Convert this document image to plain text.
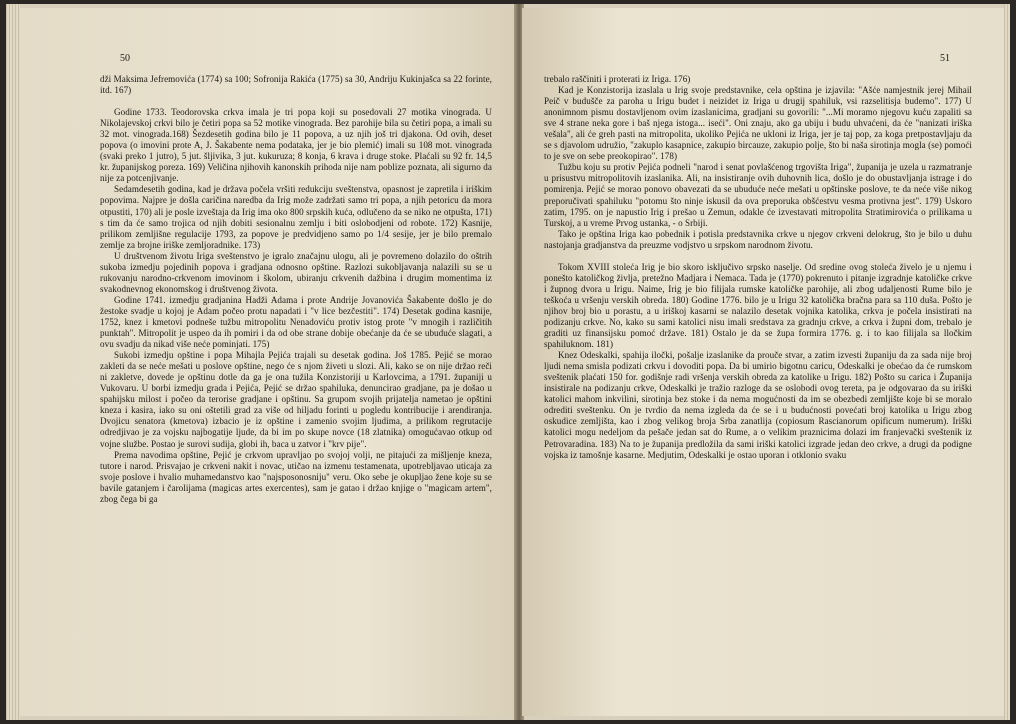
50

dži Maksima Jefremovića (1774) sa 100; Sofronija Rakića (1775) sa 30, Andriju Kukinjašca sa 22 forinte, itd. 167)

Godine 1733. Teodorovska crkva imala je tri popa koji su posedovali 27 motika vinograda. U Nikolajevskoj crkvi bilo je četiri popa sa 52 motike vinograda. Bez parohije bila su četiri popa, a imali su 32 mot. vinograda.168) Šezdesetih godina bilo je 11 popova, a uz njih još tri djakona. Od ovih, deset popova (o imovini prote A, J. Šakabente nema podataka, jer je bio plemić) imali su 108 mot. vinograda (svaki preko 1 jutro), 5 jut. šljivika, 3 jut. kukuruza; 8 konja, 6 krava i druge stoke. Plaćali su 92 fr. 14,5 kr. županijskog poreza. 169) Veličina njihovih kanonskih prihoda nije nam poblize poznata, ali sigurno da nije za potcenjivanje.

Sedamdesetih godina, kad je država počela vršiti redukciju sveštenstva, opasnost je zapretila i iriškim popovima. Najpre je došla caričina naredba da Irig može zadržati samo tri popa, a njih petoricu da mora otpustiti, 170) ali je posle izveštaja da Irig ima oko 800 srpskih kuća, odlučeno da se niko ne otpušta, 171) s tim da će samo trojica od njih dobiti sesionalnu zemlju i biti oslobodjeni od robote. 172) Kasnije, prilikom zemljišne regulacije 1793, za popove je predvidjeno samo po 1/4 sesije, jer je bilo premalo zemlje za brojne iriške zemljoradnike. 173)

U društvenom životu Iriga sveštenstvo je igralo značajnu ulogu, ali je povremeno dolazilo do oštrih sukoba izmedju pojedinih popova i gradjana odnosno opštine. Razlozi sukobljavanja nalazili su se u rukovanju narodno-crkvenom imovinom i školom, ubiranju crkvenih dažbina i drugim momentima iz svakodnevnog ekonomskog i društvenog života.

Godine 1741. izmedju gradjanina Hadži Adama i prote Andrije Jovanovića Šakabente došlo je do žestoke svadje u kojoj je Adam počeo protu napadati i "v lice bezčestiti". 174) Desetak godina kasnije, 1752, knez i kmetovi podneše tužbu mitropolitu Nenadoviću protiv istog prote "v mnogih i različitih punktah". Mitropolit je uspeo da ih pomiri i da od obe strane dobije obećanje da će se ubuduće slagati, a ovu svadju da nikad više neće pominjati. 175)

Sukobi izmedju opštine i popa Mihajla Pejića trajali su desetak godina. Još 1785. Pejić se morao zakleti da se neće mešati u poslove opštine, nego će s njom živeti u slozi. Ali, kako se on nije držao reči ni zakletve, dovede je opštinu dotle da ga je ona tužila Konzistoriji u Karlovcima, a 1791. županiji u Vukovaru. U borbi izmedju grada i Pejića, Pejić se držao spahiluka, denuncirao gradjane, pa je došao u spahijsku milost i počeo da terorise gradjane i opštinu. Sa grupom svojih prijatelja nametao je opštini kneza i kasira, iako su oni oštetili grad za više od hiljadu forinti u pogledu kontribucije i arendiranja. Dvojicu senatora (kmetova) izbacio je iz opštine i zamenio svojim ljudima, a prilikom regrutacije odredjivao je za vojsku najbogatije ljude, da bi im po skupe novce (18 zlatnika) omogućavao otkup od vojne službe. Postao je surovi sudija, globi ih, baca u zatvor i "krv pije".

Prema navodima opštine, Pejić je crkvom upravljao po svojoj volji, ne pitajući za mišljenje kneza, tutore i narod. Prisvajao je crkveni nakit i novac, utičao na izmenu testamenata, upotrebljavao uticaja za svoje poslove i hvalio muhamedanstvo kao "najsposonosniju" veru. Oko sebe je okupljao žene koje su se bavile gatanjem i čarolijama (magicas artes exercentes), sam je gatao i držao knjige o "magicam artem", zbog čega bi ga

51

trebalo raščiniti i proterati iz Iriga. 176)

Kad je Konzistorija izaslala u Irig svoje predstavnike, cela opština je izjavila: "Ašće namjestnik jerej Mihail Peič v budušče za paroha u Irigu budet i neizidet iz Iriga u drugij spahiluk, vsi razselitisja budemo". 177) U anonimnom pismu dostavljenom ovim izaslanicima, gradjani su govorili: "...Mi moramo njegovu kuću zapaliti sa sve 4 strane neka gore i baš njega istoga... iseći". Oni znaju, ako ga ubiju i budu uhvaćeni, da će "nanizati iriška vešala", ali će greh pasti na mitropolita, ukoliko Pejića ne ukloni iz Iriga, jer je taj pop, za koga pretpostavljaju da se s djavolom udružio, "zakuplo kasapnice, zakupio bircauze, zakupio polje, što bi naša sirotinja mogla (se) pomoći to je sve on sebe preokopirao". 178)

Tužbu koju su protiv Pejića podneli "narod i senat povlašćenog trgovišta Iriga", županija je uzela u razmatranje u prisustvu mitropolitovih izaslanika. Ali, na insistiranje ovih duhovnih lica, došlo je do obustavljanja istrage i do pomirenja. Pejić se morao ponovo obavezati da se ubuduće neće mešati u opštinske poslove, te da neće više nikog preporučivati spahiluku "potomu što ninje iskusil da ova preporuka obšćestvu vesma protivna jest". 179) Uskoro zatim, 1795. on je napustio Irig i prešao u Zemun, odakle će izvestavati mitropolita Stratimirovića o prilikama u Turskoj, a u vreme Prvog ustanka, - o Srbiji.

Tako je opština Iriga kao pobednik i potisla predstavnika crkve u njegov crkveni delokrug, što je bilo u duhu nastojanja gradjanstva da preuzme vodjstvo u srpskom narodnom životu.

Tokom XVIII stoleća Irig je bio skoro isključivo srpsko naselje. Od sredine ovog stoleća živelo je u njemu i ponešto katoličkog življa, pretežno Madjara i Nemaca. Tada je (1770) pokrenuto i pitanje izgradnje katoličke crkve i župnog dvora u Irigu. Naime, Irig je bio filijala rumske katoličke parohije, ali zbog udaljenosti Rume bilo je teškoća u vršenju verskih obreda. 180) Godine 1776. bilo je u Irigu 32 katolička bračna para sa 110 duša. Pošto je njihov broj bio u porastu, a u iriškoj kasarni se nalazilo desetak vojnika katolika, crkva je počela insistirati na podizanju crkve. No, kako su sami katolici nisu imali sredstava za gradnju crkve, a crkva i župni dom, trebalo je graditi uz finansijsku pomoć države. 181) Ostalo je da se župa formira 1776. g. i to kao filijala sa lločkim spahiluknom. 181)

Knez Odeskalki, spahija iločki, pošalje izaslanike da prouče stvar, a zatim izvesti županiju da za sada nije broj ljudi nema smisla podizati crkvu i dovoditi popa. Da bi umirio bigotnu caricu, Odeskalki je obećao da će rumskom sveštenik plaćati 150 for. godišnje radi vršenja verskih obreda za katolike u Irigu. 182) Pošto su carica i Županija insistirale na podizanju crkve, Odeskalki je tražio razloge da se oslobodi ovog tereta, pa je odgovarao da su iriški katolici mahom inkvilini, sirotinja bez stoke i da nema mogućnosti da im se obezbedi zemljište koje bi se moralo odrediti sveštenku. On je tvrdio da nema izgleda da će se i u budućnosti povećati broj katolika u Irigu zbog oskudice zemljišta, kao i zbog velikog broja Srba zanatlija (copiosum Rascianorum opificum numerum). Iriški katolici mogu nedeljom da pešače jedan sat do Rume, a o velikim praznicima dolazi im franjevački sveštenik iz Petrovaradina. 183) Na to je županija predložila da sami iriški katolici izgrade jedan deo crkve, a drugi da podigne vojska iz tamošnje kasarne. Medjutim, Odeskalki je ostao uporan i otklonio svaku
